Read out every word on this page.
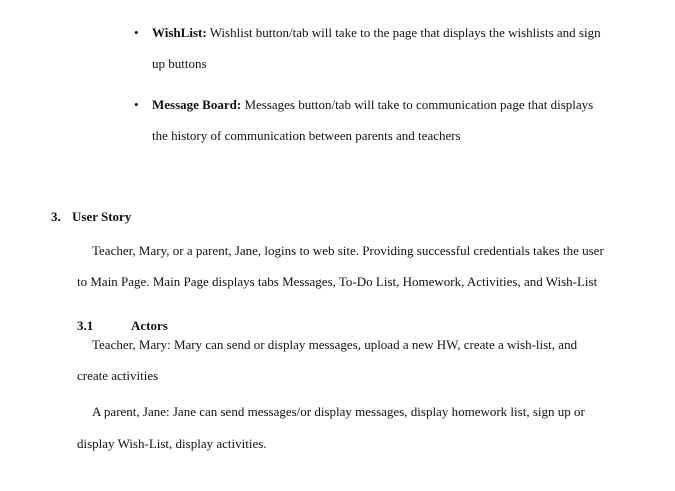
• WishList: Wishlist button/tab will take to the page that displays the wishlists and sign
up buttons
• Message Board: Messages button/tab will take to communication page that displays
the history of communication between parents and teachers
3. User Story
Teacher, Mary, or a parent, Jane, logins to web site. Providing successful credentials takes the user
to Main Page. Main Page displays tabs Messages, To-Do List, Homework, Activities, and Wish-List
3.1	Actors
Teacher, Mary: Mary can send or display messages, upload a new HW, create a wish-list, and
create activities
A parent, Jane: Jane can send messages/or display messages, display homework list, sign up or
display Wish-List, display activities.
